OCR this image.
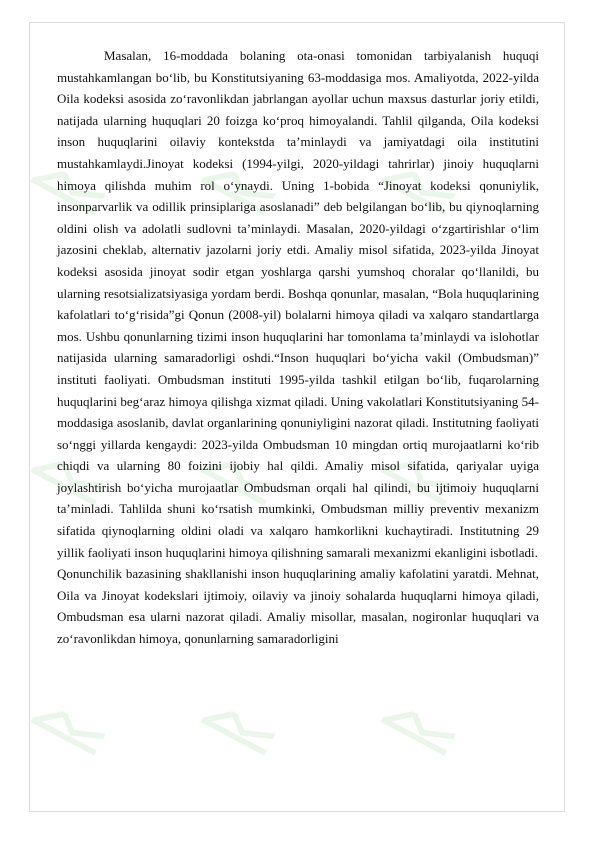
ᚱ ᚱ ᚱ
ᚱ ᚱ ᚱ
ᚱ ᚱ ᚱ

Masalan, 16-moddada bolaning ota-onasi tomonidan tarbiyalanish huquqi mustahkamlangan bo‘lib, bu Konstitutsiyaning 63-moddasiga mos. Amaliyotda, 2022-yilda Oila kodeksi asosida zo‘ravonlikdan jabrlangan ayollar uchun maxsus dasturlar joriy etildi, natijada ularning huquqlari 20 foizga ko‘proq himoyalandi. Tahlil qilganda, Oila kodeksi inson huquqlarini oilaviy kontekstda ta’minlaydi va jamiyatdagi oila institutini mustahkamlaydi.Jinoyat kodeksi (1994-yilgi, 2020-yildagi tahrirlar) jinoiy huquqlarni himoya qilishda muhim rol o‘ynaydi. Uning 1-bobida “Jinoyat kodeksi qonuniylik, insonparvarlik va odillik prinsiplariga asoslanadi” deb belgilangan bo‘lib, bu qiynoqlarning oldini olish va adolatli sudlovni ta’minlaydi. Masalan, 2020-yildagi o‘zgartirishlar o‘lim jazosini cheklab, alternativ jazolarni joriy etdi. Amaliy misol sifatida, 2023-yilda Jinoyat kodeksi asosida jinoyat sodir etgan yoshlarga qarshi yumshoq choralar qo‘llanildi, bu ularning resotsializatsiyasiga yordam berdi. Boshqa qonunlar, masalan, “Bola huquqlarining kafolatlari to‘g‘risida”gi Qonun (2008-yil) bolalarni himoya qiladi va xalqaro standartlarga mos. Ushbu qonunlarning tizimi inson huquqlarini har tomonlama ta’minlaydi va islohotlar natijasida ularning samaradorligi oshdi.“Inson huquqlari bo‘yicha vakil (Ombudsman)” instituti faoliyati. Ombudsman instituti 1995-yilda tashkil etilgan bo‘lib, fuqarolarning huquqlarini beg‘araz himoya qilishga xizmat qiladi. Uning vakolatlari Konstitutsiyaning 54-moddasiga asoslanib, davlat organlarining qonuniyligini nazorat qiladi. Institutning faoliyati so‘nggi yillarda kengaydi: 2023-yilda Ombudsman 10 mingdan ortiq murojaatlarni ko‘rib chiqdi va ularning 80 foizini ijobiy hal qildi. Amaliy misol sifatida, qariyalar uyiga joylashtirish bo‘yicha murojaatlar Ombudsman orqali hal qilindi, bu ijtimoiy huquqlarni ta’minladi. Tahlilda shuni ko‘rsatish mumkinki, Ombudsman milliy preventiv mexanizm sifatida qiynoqlarning oldini oladi va xalqaro hamkorlikni kuchaytiradi. Institutning 29 yillik faoliyati inson huquqlarini himoya qilishning samarali mexanizmi ekanligini isbotladi.

Qonunchilik bazasining shakllanishi inson huquqlarining amaliy kafolatini yaratdi. Mehnat, Oila va Jinoyat kodekslari ijtimoiy, oilaviy va jinoiy sohalarda huquqlarni himoya qiladi, Ombudsman esa ularni nazorat qiladi. Amaliy misollar, masalan, nogironlar huquqlari va zo‘ravonlikdan himoya, qonunlarning samaradorligini
